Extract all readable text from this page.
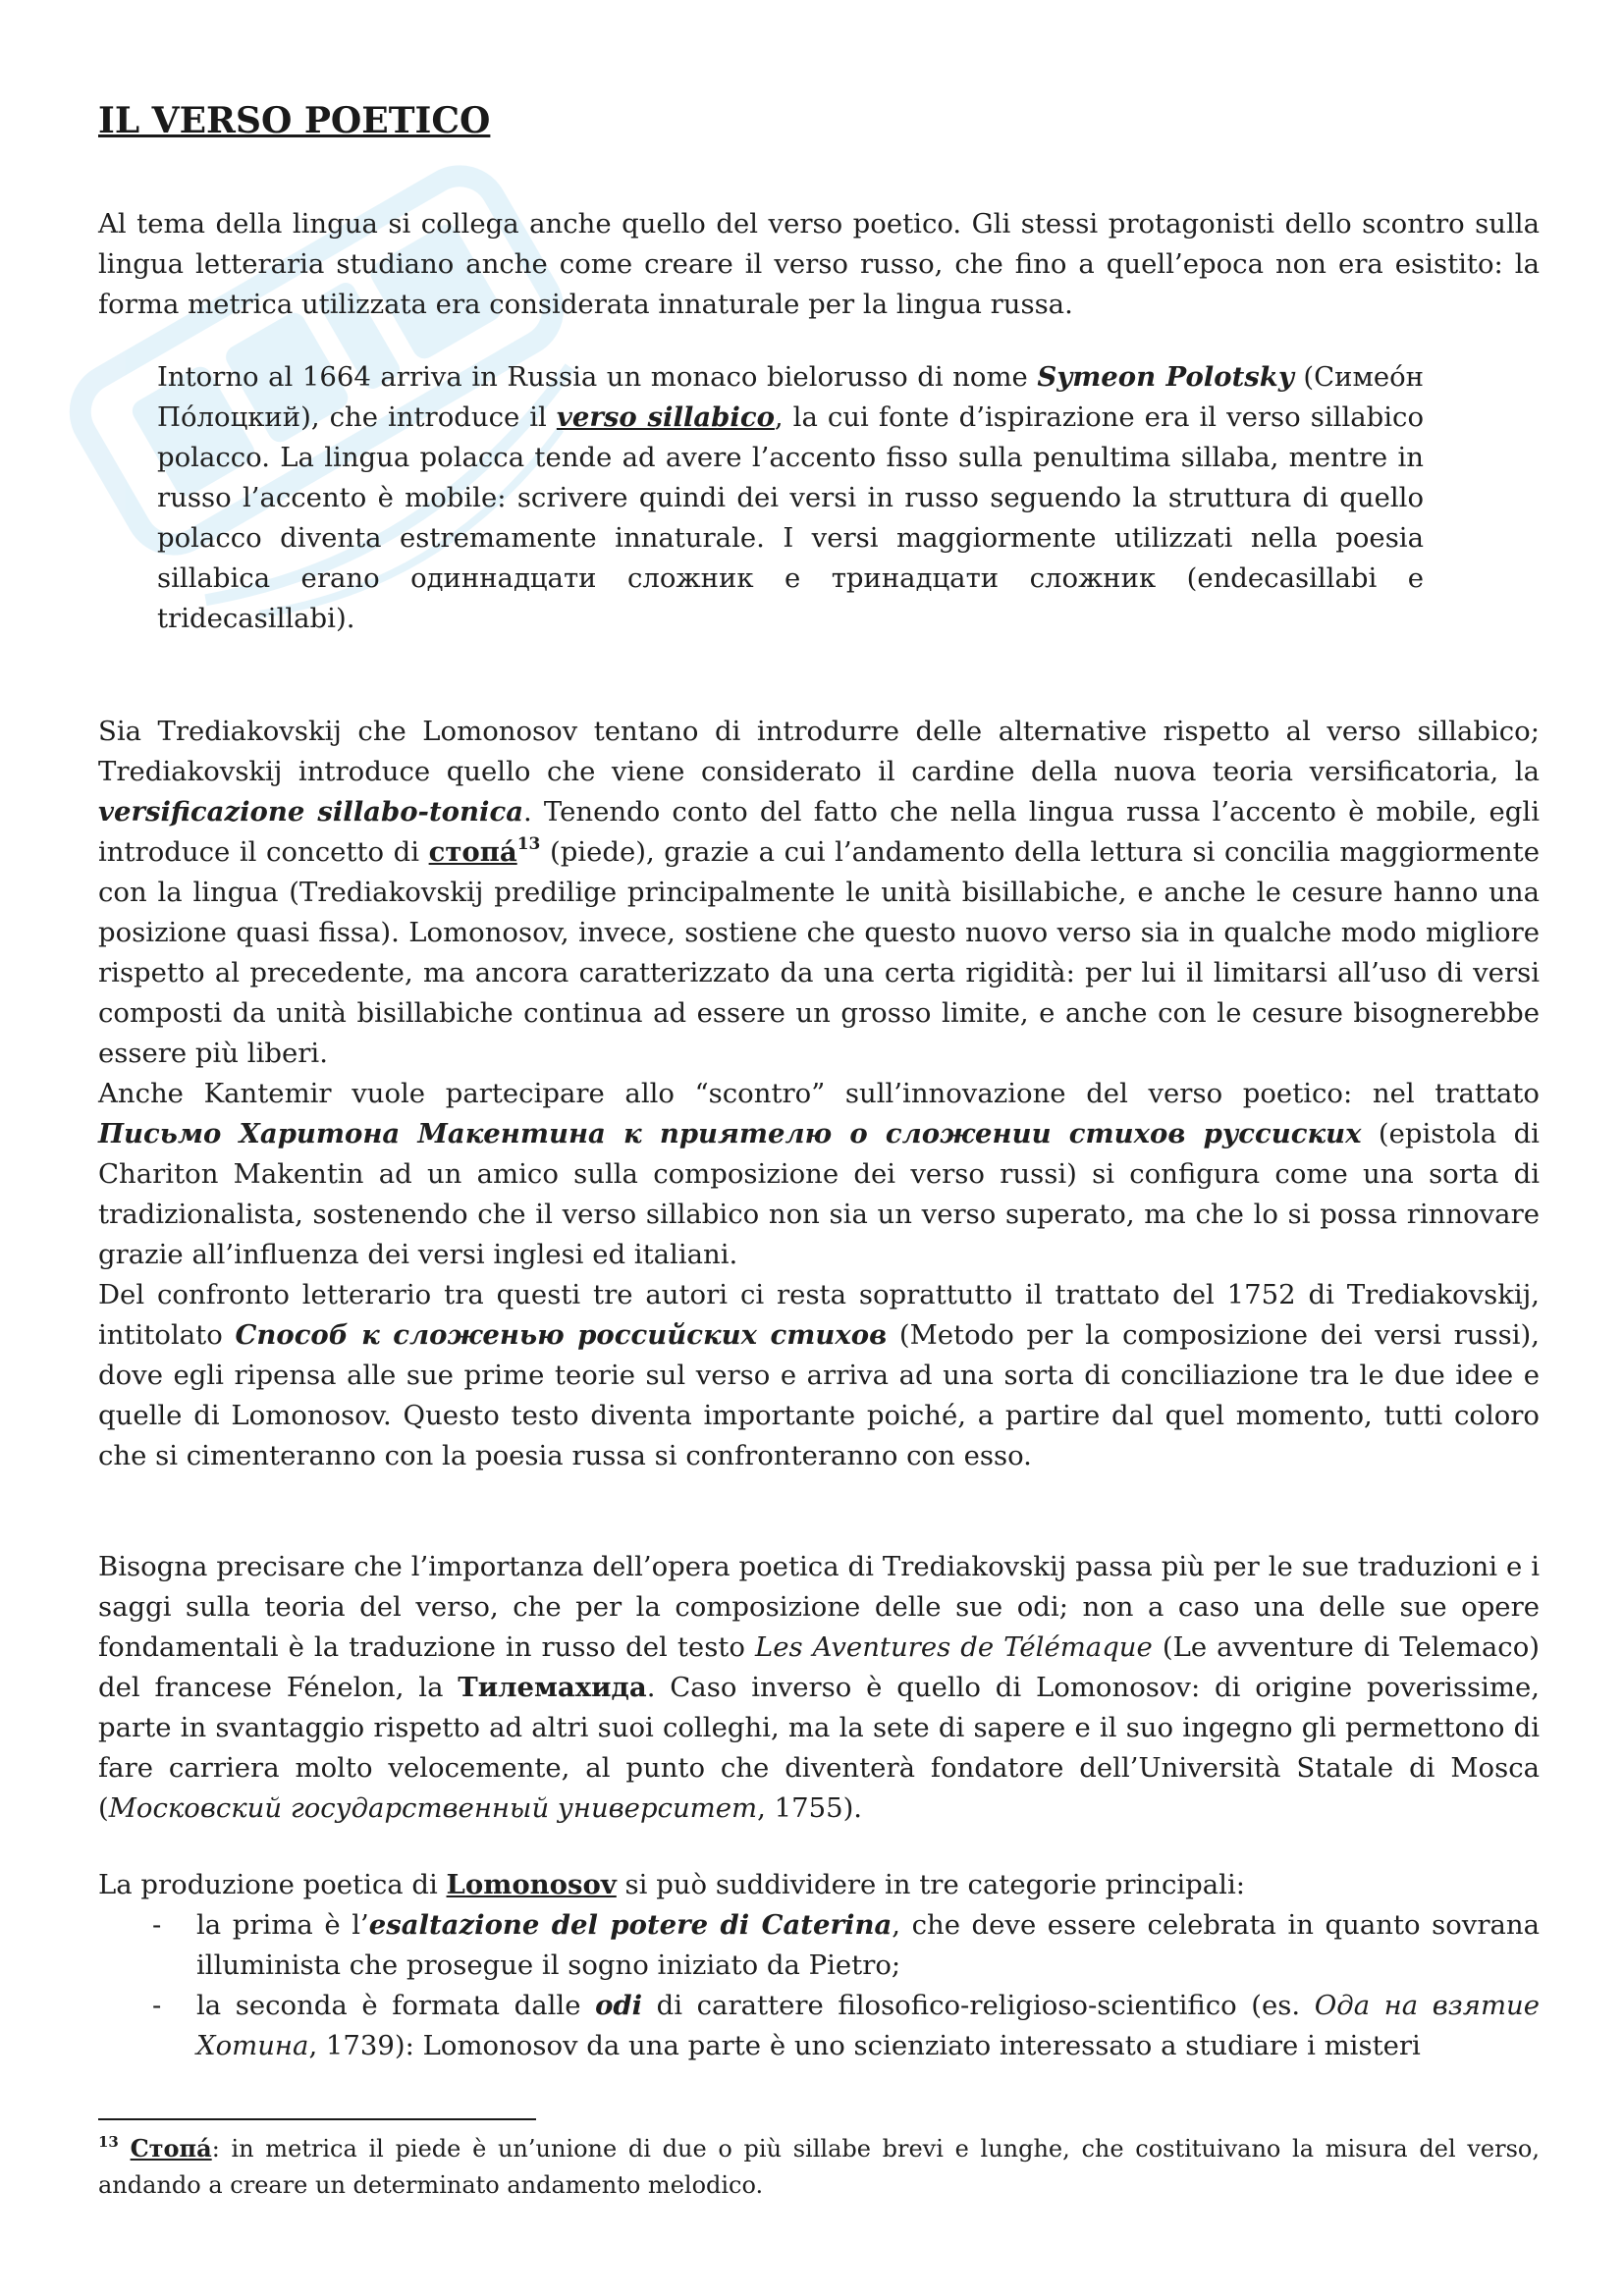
IL VERSO POETICO

Al tema della lingua si collega anche quello del verso poetico. Gli stessi protagonisti dello scontro sulla lingua letteraria studiano anche come creare il verso russo, che fino a quell’epoca non era esistito: la forma metrica utilizzata era considerata innaturale per la lingua russa.

Intorno al 1664 arriva in Russia un monaco bielorusso di nome Symeon Polotsky (Симеóн Пóлоцкий), che introduce il verso sillabico, la cui fonte d’ispirazione era il verso sillabico polacco. La lingua polacca tende ad avere l’accento fisso sulla penultima sillaba, mentre in russo l’accento è mobile: scrivere quindi dei versi in russo seguendo la struttura di quello polacco diventa estremamente innaturale. I versi maggiormente utilizzati nella poesia sillabica erano одиннадцати сложник e тринадцати сложник (endecasillabi e tridecasillabi).

Sia Trediakovskij che Lomonosov tentano di introdurre delle alternative rispetto al verso sillabico; Trediakovskij introduce quello che viene considerato il cardine della nuova teoria versificatoria, la versificazione sillabo-tonica. Tenendo conto del fatto che nella lingua russa l’accento è mobile, egli introduce il concetto di стопá$^{13}$ (piede), grazie a cui l’andamento della lettura si concilia maggiormente con la lingua (Trediakovskij predilige principalmente le unità bisillabiche, e anche le cesure hanno una posizione quasi fissa). Lomonosov, invece, sostiene che questo nuovo verso sia in qualche modo migliore rispetto al precedente, ma ancora caratterizzato da una certa rigidità: per lui il limitarsi all’uso di versi composti da unità bisillabiche continua ad essere un grosso limite, e anche con le cesure bisognerebbe essere più liberi.

Anche Kantemir vuole partecipare allo “scontro” sull’innovazione del verso poetico: nel trattato Письмо Харитона Макентина к приятелю о сложении стихов руссиских (epistola di Chariton Makentin ad un amico sulla composizione dei verso russi) si configura come una sorta di tradizionalista, sostenendo che il verso sillabico non sia un verso superato, ma che lo si possa rinnovare grazie all’influenza dei versi inglesi ed italiani.

Del confronto letterario tra questi tre autori ci resta soprattutto il trattato del 1752 di Trediakovskij, intitolato Способ к сложенью российских стихов (Metodo per la composizione dei versi russi), dove egli ripensa alle sue prime teorie sul verso e arriva ad una sorta di conciliazione tra le due idee e quelle di Lomonosov. Questo testo diventa importante poiché, a partire dal quel momento, tutti coloro che si cimenteranno con la poesia russa si confronteranno con esso.

Bisogna precisare che l’importanza dell’opera poetica di Trediakovskij passa più per le sue traduzioni e i saggi sulla teoria del verso, che per la composizione delle sue odi; non a caso una delle sue opere fondamentali è la traduzione in russo del testo Les Aventures de Télémaque (Le avventure di Telemaco) del francese Fénelon, la Тилемахида. Caso inverso è quello di Lomonosov: di origine poverissime, parte in svantaggio rispetto ad altri suoi colleghi, ma la sete di sapere e il suo ingegno gli permettono di fare carriera molto velocemente, al punto che diventerà fondatore dell’Università Statale di Mosca (Московский государственный университет, 1755).

La produzione poetica di Lomonosov si può suddividere in tre categorie principali:

- la prima è l’esaltazione del potere di Caterina, che deve essere celebrata in quanto sovrana illuminista che prosegue il sogno iniziato da Pietro;
- la seconda è formata dalle odi di carattere filosofico-religioso-scientifico (es. Ода на взятие Хотина, 1739): Lomonosov da una parte è uno scienziato interessato a studiare i misteri
$^{13}$ Стопá: in metrica il piede è un’unione di due o più sillabe brevi e lunghe, che costituivano la misura del verso, andando a creare un determinato andamento melodico.
